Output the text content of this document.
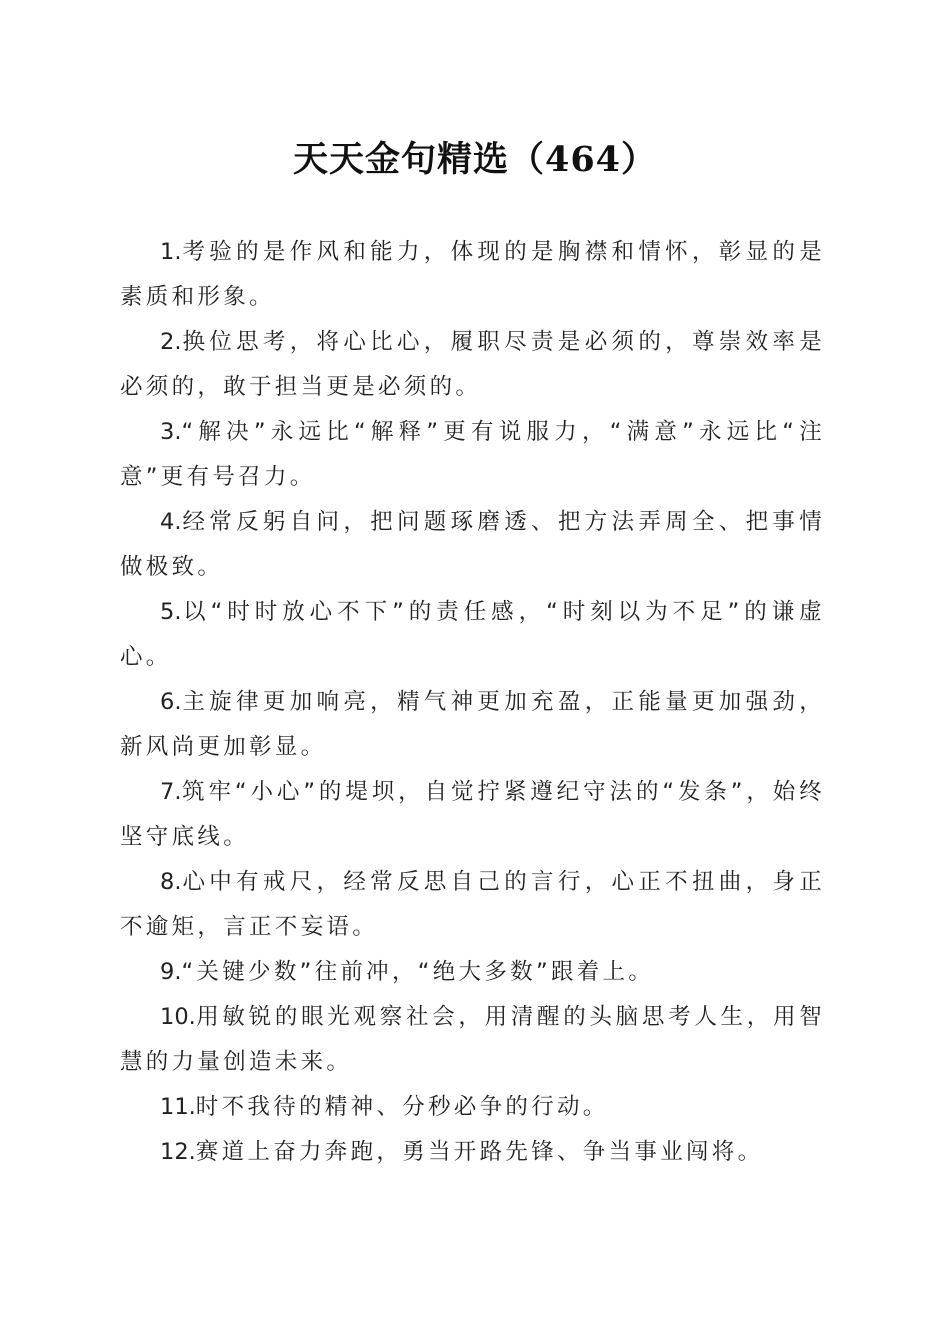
天天金句精选（464）

1.考验的是作风和能力，体现的是胸襟和情怀，彰显的是素质和形象。

2.换位思考，将心比心，履职尽责是必须的，尊崇效率是必须的，敢于担当更是必须的。

3.“解决”永远比“解释”更有说服力，“满意”永远比“注意”更有号召力。

4.经常反躬自问，把问题琢磨透、把方法弄周全、把事情做极致。

5.以“时时放心不下”的责任感，“时刻以为不足”的谦虚心。

6.主旋律更加响亮，精气神更加充盈，正能量更加强劲，新风尚更加彰显。

7.筑牢“小心”的堤坝，自觉拧紧遵纪守法的“发条”，始终坚守底线。

8.心中有戒尺，经常反思自己的言行，心正不扭曲，身正不逾矩，言正不妄语。

9.“关键少数”往前冲，“绝大多数”跟着上。

10.用敏锐的眼光观察社会，用清醒的头脑思考人生，用智慧的力量创造未来。

11.时不我待的精神、分秒必争的行动。

12.赛道上奋力奔跑，勇当开路先锋、争当事业闯将。
